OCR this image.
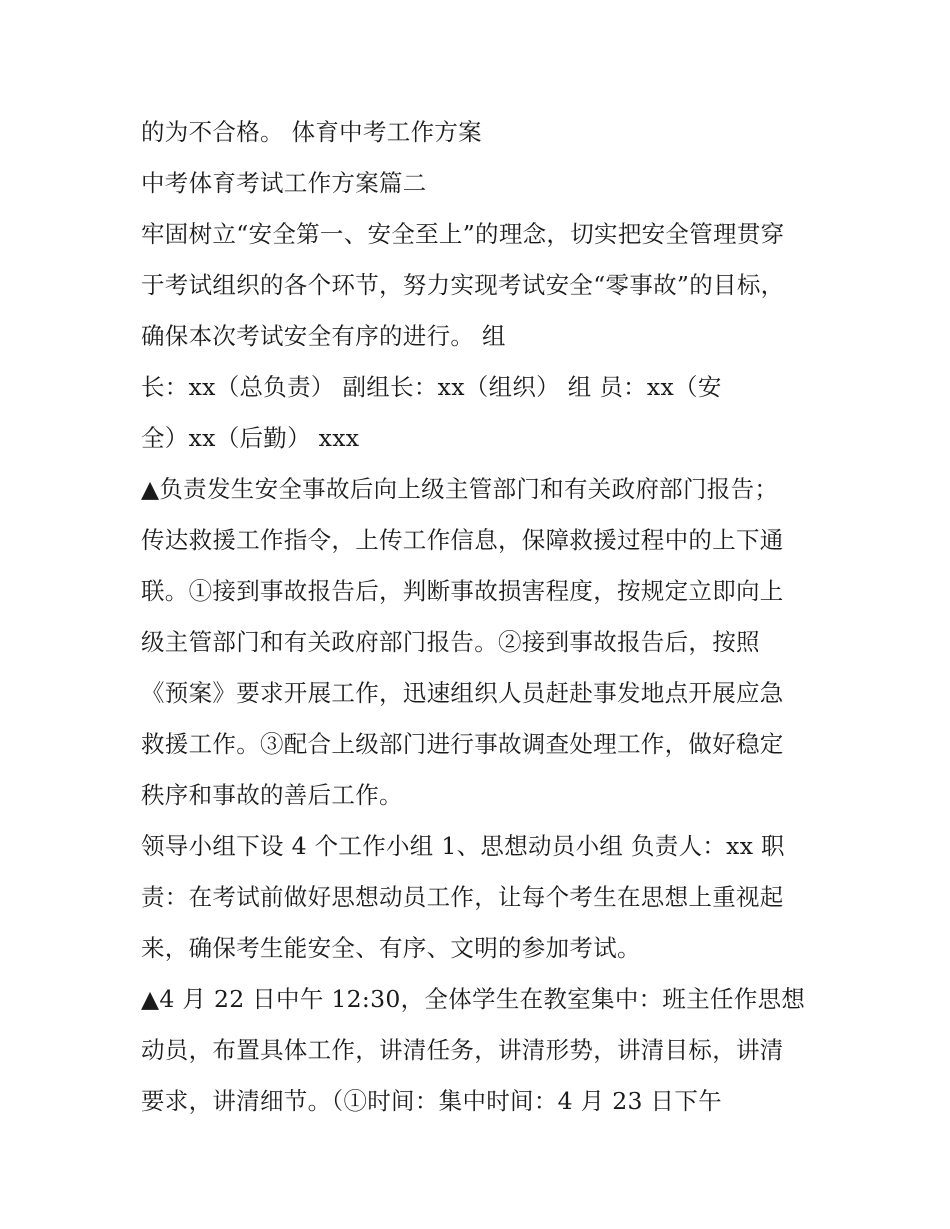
的为不合格。 体育中考工作方案
中考体育考试工作方案篇二
牢固树立“安全第一、安全至上”的理念，切实把安全管理贯穿
于考试组织的各个环节，努力实现考试安全“零事故”的目标，
确保本次考试安全有序的进行。 组
长：xx（总负责） 副组长：xx（组织） 组 员：xx（安
全）xx（后勤） xxx
▲负责发生安全事故后向上级主管部门和有关政府部门报告；
传达救援工作指令，上传工作信息，保障救援过程中的上下通
联。①接到事故报告后，判断事故损害程度，按规定立即向上
级主管部门和有关政府部门报告。②接到事故报告后，按照
《预案》要求开展工作，迅速组织人员赶赴事发地点开展应急
救援工作。③配合上级部门进行事故调查处理工作，做好稳定
秩序和事故的善后工作。
领导小组下设 4 个工作小组 1、思想动员小组 负责人：xx 职
责：在考试前做好思想动员工作，让每个考生在思想上重视起
来，确保考生能安全、有序、文明的参加考试。
▲4 月 22 日中午 12:30，全体学生在教室集中：班主任作思想
动员，布置具体工作，讲清任务，讲清形势，讲清目标，讲清
要求，讲清细节。（①时间：集中时间：4 月 23 日下午
